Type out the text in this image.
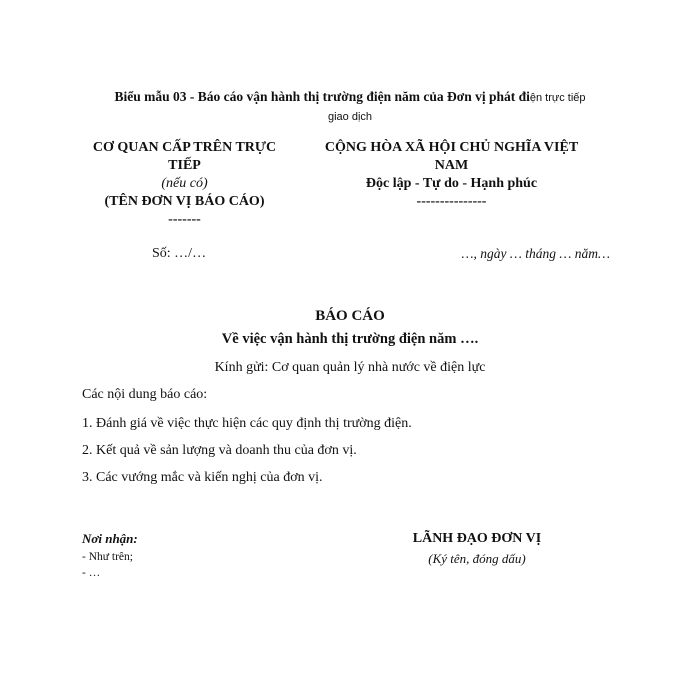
Biểu mẫu 03 - Báo cáo vận hành thị trường điện năm của Đơn vị phát điện trực tiếp
giao dịch
CƠ QUAN CẤP TRÊN TRỰC
TIẾP
(nếu có)
(TÊN ĐƠN VỊ BÁO CÁO)
-------
CỘNG HÒA XÃ HỘI CHỦ NGHĨA VIỆT
NAM
Độc lập - Tự do - Hạnh phúc
---------------
Số: …/…	…, ngày … tháng … năm…
BÁO CÁO
Về việc vận hành thị trường điện năm ….
Kính gửi: Cơ quan quản lý nhà nước về điện lực
Các nội dung báo cáo:
1. Đánh giá về việc thực hiện các quy định thị trường điện.
2. Kết quả về sản lượng và doanh thu của đơn vị.
3. Các vướng mắc và kiến nghị của đơn vị.
Nơi nhận:
- Như trên;
- …
LÃNH ĐẠO ĐƠN VỊ
(Ký tên, đóng dấu)
